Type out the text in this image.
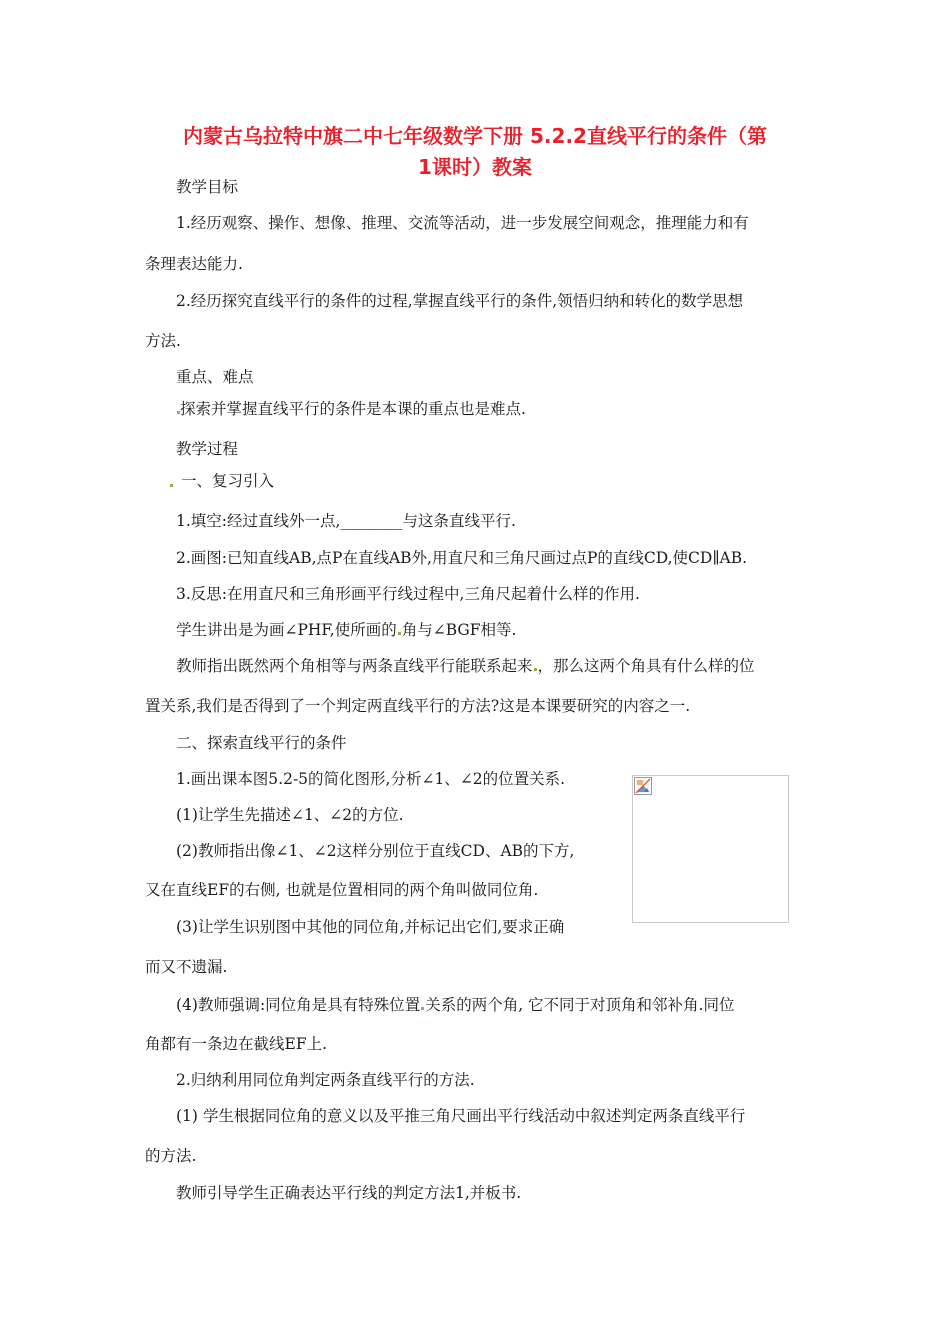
内蒙古乌拉特中旗二中七年级数学下册 5.2.2直线平行的条件（第
1课时）教案
教学目标
1.经历观察、操作、想像、推理、交流等活动，进一步发展空间观念，推理能力和有
条理表达能力.
2.经历探究直线平行的条件的过程,掌握直线平行的条件,领悟归纳和转化的数学思想
方法.
重点、难点
探索并掌握直线平行的条件是本课的重点也是难点.
教学过程
一、复习引入
1.填空:经过直线外一点,________与这条直线平行.
2.画图:已知直线AB,点P在直线AB外,用直尺和三角尺画过点P的直线CD,使CD∥AB.
3.反思:在用直尺和三角形画平行线过程中,三角尺起着什么样的作用.
学生讲出是为画∠PHF,使所画的 角与∠BGF相等.
教师指出既然两个角相等与两条直线平行能联系起来 ，那么这两个角具有什么样的位
置关系,我们是否得到了一个判定两直线平行的方法?这是本课要研究的内容之一.
二、探索直线平行的条件
1.画出课本图5.2-5的简化图形,分析∠1、∠2的位置关系.
(1)让学生先描述∠1、∠2的方位.
(2)教师指出像∠1、∠2这样分别位于直线CD、AB的下方,
又在直线EF的右侧, 也就是位置相同的两个角叫做同位角.
(3)让学生识别图中其他的同位角,并标记出它们,要求正确
而又不遗漏.
(4)教师强调:同位角是具有特殊位置 关系的两个角, 它不同于对顶角和邻补角.同位
角都有一条边在截线EF上.
2.归纳利用同位角判定两条直线平行的方法.
(1) 学生根据同位角的意义以及平推三角尺画出平行线活动中叙述判定两条直线平行
的方法.
教师引导学生正确表达平行线的判定方法1,并板书.
